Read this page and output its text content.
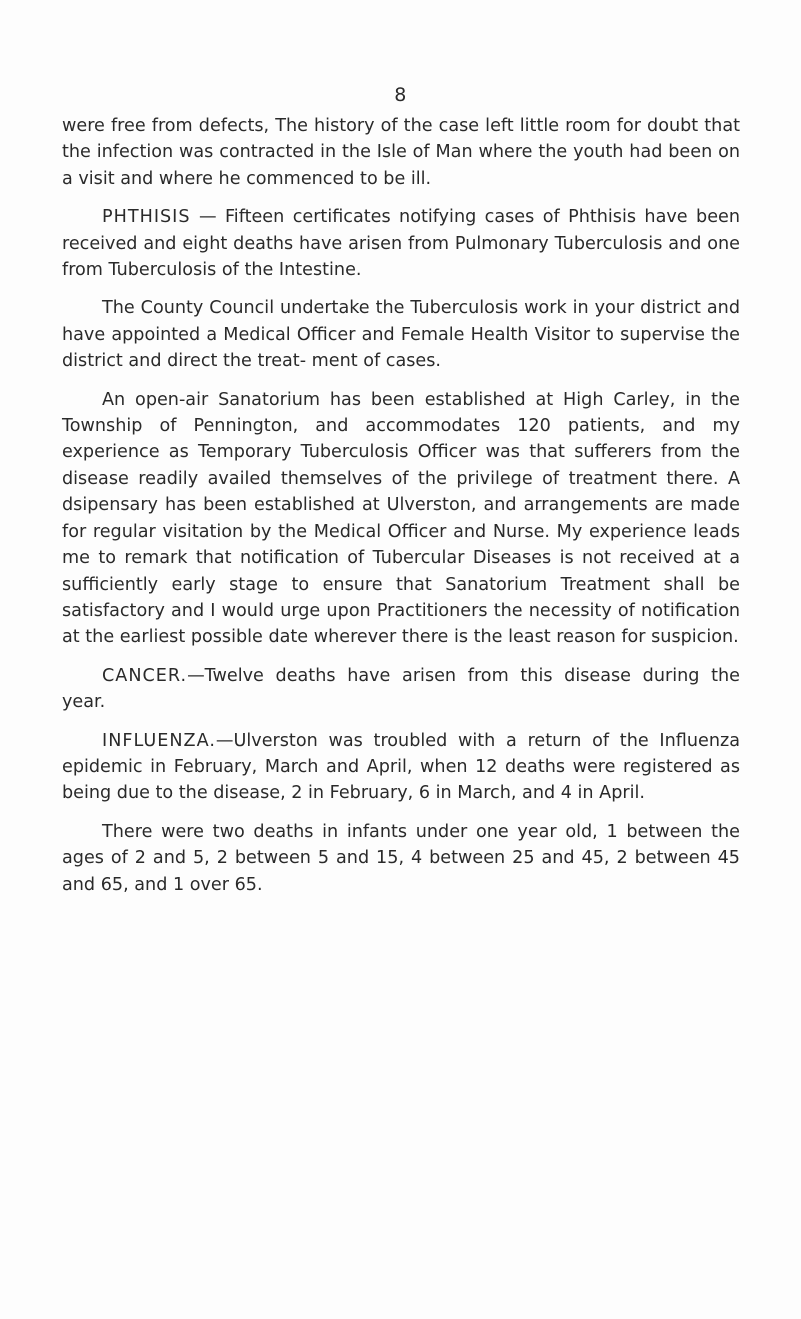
8

were free from defects, The history of the case left little room for doubt that the infection was contracted in the Isle of Man where the youth had been on a visit and where he commenced to be ill.

PHTHISIS — Fifteen certificates notifying cases of Phthisis have been received and eight deaths have arisen from Pulmonary Tuberculosis and one from Tuberculosis of the Intestine.

The County Council undertake the Tuberculosis work in your district and have appointed a Medical Officer and Female Health Visitor to supervise the district and direct the treat- ment of cases.

An open-air Sanatorium has been established at High Carley, in the Township of Pennington, and accommodates 120 patients, and my experience as Temporary Tuberculosis Officer was that sufferers from the disease readily availed themselves of the privilege of treatment there. A dsipensary has been established at Ulverston, and arrangements are made for regular visitation by the Medical Officer and Nurse. My experience leads me to remark that notification of Tubercular Diseases is not received at a sufficiently early stage to ensure that Sanatorium Treatment shall be satisfactory and I would urge upon Practitioners the necessity of notification at the earliest possible date wherever there is the least reason for suspicion.

CANCER.—Twelve deaths have arisen from this disease during the year.

INFLUENZA.—Ulverston was troubled with a return of the Influenza epidemic in February, March and April, when 12 deaths were registered as being due to the disease, 2 in February, 6 in March, and 4 in April.

There were two deaths in infants under one year old, 1 between the ages of 2 and 5, 2 between 5 and 15, 4 between 25 and 45, 2 between 45 and 65, and 1 over 65.
